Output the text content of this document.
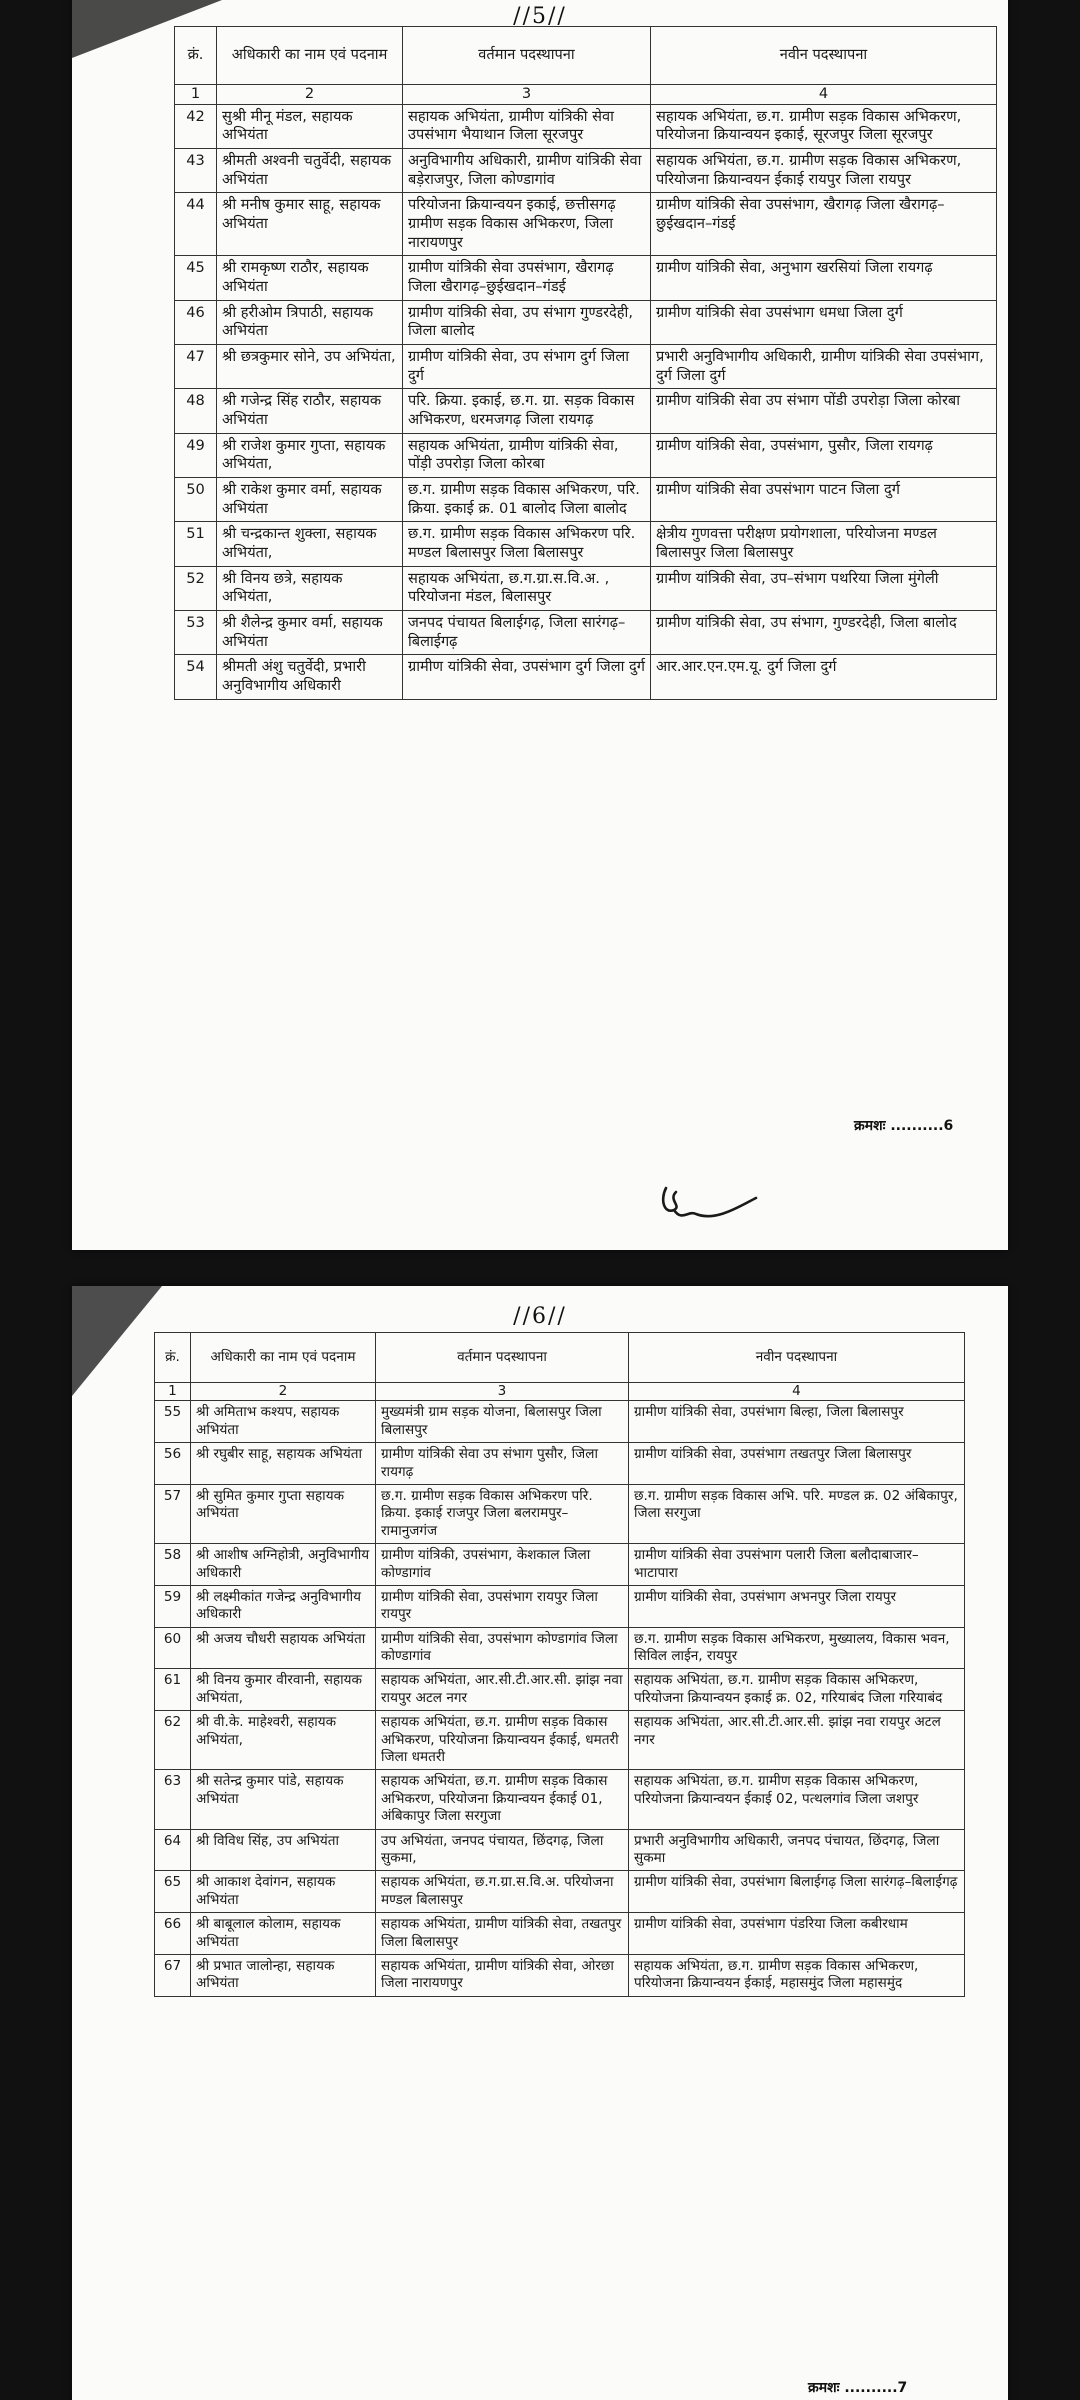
//5//
क्रं.	अधिकारी का नाम एवं पदनाम	वर्तमान पदस्थापना	नवीन पदस्थापना
1	2	3	4
42	सुश्री मीनू मंडल, सहायक अभियंता	सहायक अभियंता, ग्रामीण यांत्रिकी सेवा उपसंभाग भैयाथान जिला सूरजपुर	सहायक अभियंता, छ.ग. ग्रामीण सड़क विकास अभिकरण, परियोजना क्रियान्वयन इकाई, सूरजपुर जिला सूरजपुर
43	श्रीमती अश्वनी चतुर्वेदी, सहायक अभियंता	अनुविभागीय अधिकारी, ग्रामीण यांत्रिकी सेवा बड़ेराजपुर, जिला कोण्डागांव	सहायक अभियंता, छ.ग. ग्रामीण सड़क विकास अभिकरण, परियोजना क्रियान्वयन ईकाई रायपुर जिला रायपुर
44	श्री मनीष कुमार साहू, सहायक अभियंता	परियोजना क्रियान्वयन इकाई, छत्तीसगढ़ ग्रामीण सड़क विकास अभिकरण, जिला नारायणपुर	ग्रामीण यांत्रिकी सेवा उपसंभाग, खैरागढ़ जिला खैरागढ़–छुईखदान–गंडई
45	श्री रामकृष्ण राठौर, सहायक अभियंता	ग्रामीण यांत्रिकी सेवा उपसंभाग, खैरागढ़ जिला खैरागढ़–छुईखदान–गंडई	ग्रामीण यांत्रिकी सेवा, अनुभाग खरसियां जिला रायगढ़
46	श्री हरीओम त्रिपाठी, सहायक अभियंता	ग्रामीण यांत्रिकी सेवा, उप संभाग गुण्डरदेही, जिला बालोद	ग्रामीण यांत्रिकी सेवा उपसंभाग धमधा जिला दुर्ग
47	श्री छत्रकुमार सोने, उप अभियंता,	ग्रामीण यांत्रिकी सेवा, उप संभाग दुर्ग जिला दुर्ग	प्रभारी अनुविभागीय अधिकारी, ग्रामीण यांत्रिकी सेवा उपसंभाग, दुर्ग जिला दुर्ग
48	श्री गजेन्द्र सिंह राठौर, सहायक अभियंता	परि. क्रिया. इकाई, छ.ग. ग्रा. सड़क विकास अभिकरण, धरमजगढ़ जिला रायगढ़	ग्रामीण यांत्रिकी सेवा उप संभाग पोंडी उपरोड़ा जिला कोरबा
49	श्री राजेश कुमार गुप्ता, सहायक अभियंता,	सहायक अभियंता, ग्रामीण यांत्रिकी सेवा, पोंड़ी उपरोड़ा जिला कोरबा	ग्रामीण यांत्रिकी सेवा, उपसंभाग, पुसौर, जिला रायगढ़
50	श्री राकेश कुमार वर्मा, सहायक अभियंता	छ.ग. ग्रामीण सड़क विकास अभिकरण, परि. क्रिया. इकाई क्र. 01 बालोद जिला बालोद	ग्रामीण यांत्रिकी सेवा उपसंभाग पाटन जिला दुर्ग
51	श्री चन्द्रकान्त शुक्ला, सहायक अभियंता,	छ.ग. ग्रामीण सड़क विकास अभिकरण परि. मण्डल बिलासपुर जिला बिलासपुर	क्षेत्रीय गुणवत्ता परीक्षण प्रयोगशाला, परियोजना मण्डल बिलासपुर जिला बिलासपुर
52	श्री विनय छत्रे, सहायक अभियंता,	सहायक अभियंता, छ.ग.ग्रा.स.वि.अ. , परियोजना मंडल, बिलासपुर	ग्रामीण यांत्रिकी सेवा, उप–संभाग पथरिया जिला मुंगेली
53	श्री शैलेन्द्र कुमार वर्मा, सहायक अभियंता	जनपद पंचायत बिलाईगढ़, जिला सारंगढ़–बिलाईगढ़	ग्रामीण यांत्रिकी सेवा, उप संभाग, गुण्डरदेही, जिला बालोद
54	श्रीमती अंशु चतुर्वेदी, प्रभारी अनुविभागीय अधिकारी	ग्रामीण यांत्रिकी सेवा, उपसंभाग दुर्ग जिला दुर्ग	आर.आर.एन.एम.यू. दुर्ग जिला दुर्ग
क्रमशः ..........6
//6//
क्रं.	अधिकारी का नाम एवं पदनाम	वर्तमान पदस्थापना	नवीन पदस्थापना
1	2	3	4
55	श्री अमिताभ कश्यप, सहायक अभियंता	मुख्यमंत्री ग्राम सड़क योजना, बिलासपुर जिला बिलासपुर	ग्रामीण यांत्रिकी सेवा, उपसंभाग बिल्हा, जिला बिलासपुर
56	श्री रघुबीर साहू, सहायक अभियंता	ग्रामीण यांत्रिकी सेवा उप संभाग पुसौर, जिला रायगढ़	ग्रामीण यांत्रिकी सेवा, उपसंभाग तखतपुर जिला बिलासपुर
57	श्री सुमित कुमार गुप्ता सहायक अभियंता	छ.ग. ग्रामीण सड़क विकास अभिकरण परि. क्रिया. इकाई राजपुर जिला बलरामपुर–रामानुजगंज	छ.ग. ग्रामीण सड़क विकास अभि. परि. मण्डल क्र. 02 अंबिकापुर, जिला सरगुजा
58	श्री आशीष अग्निहोत्री, अनुविभागीय अधिकारी	ग्रामीण यांत्रिकी, उपसंभाग, केशकाल जिला कोण्डागांव	ग्रामीण यांत्रिकी सेवा उपसंभाग पलारी जिला बलौदाबाजार–भाटापारा
59	श्री लक्ष्मीकांत गजेन्द्र अनुविभागीय अधिकारी	ग्रामीण यांत्रिकी सेवा, उपसंभाग रायपुर जिला रायपुर	ग्रामीण यांत्रिकी सेवा, उपसंभाग अभनपुर जिला रायपुर
60	श्री अजय चौधरी सहायक अभियंता	ग्रामीण यांत्रिकी सेवा, उपसंभाग कोण्डागांव जिला कोण्डागांव	छ.ग. ग्रामीण सड़क विकास अभिकरण, मुख्यालय, विकास भवन, सिविल लाईन, रायपुर
61	श्री विनय कुमार वीरवानी, सहायक अभियंता,	सहायक अभियंता, आर.सी.टी.आर.सी. झांझ नवा रायपुर अटल नगर	सहायक अभियंता, छ.ग. ग्रामीण सड़क विकास अभिकरण, परियोजना क्रियान्वयन इकाई क्र. 02, गरियाबंद जिला गरियाबंद
62	श्री वी.के. माहेश्वरी, सहायक अभियंता,	सहायक अभियंता, छ.ग. ग्रामीण सड़क विकास अभिकरण, परियोजना क्रियान्वयन ईकाई, धमतरी जिला धमतरी	सहायक अभियंता, आर.सी.टी.आर.सी. झांझ नवा रायपुर अटल नगर
63	श्री सतेन्द्र कुमार पांडे, सहायक अभियंता	सहायक अभियंता, छ.ग. ग्रामीण सड़क विकास अभिकरण, परियोजना क्रियान्वयन ईकाई 01, अंबिकापुर जिला सरगुजा	सहायक अभियंता, छ.ग. ग्रामीण सड़क विकास अभिकरण, परियोजना क्रियान्वयन ईकाई 02, पत्थलगांव जिला जशपुर
64	श्री विविध सिंह, उप अभियंता	उप अभियंता, जनपद पंचायत, छिंदगढ़, जिला सुकमा,	प्रभारी अनुविभागीय अधिकारी, जनपद पंचायत, छिंदगढ़, जिला सुकमा
65	श्री आकाश देवांगन, सहायक अभियंता	सहायक अभियंता, छ.ग.ग्रा.स.वि.अ. परियोजना मण्डल बिलासपुर	ग्रामीण यांत्रिकी सेवा, उपसंभाग बिलाईगढ़ जिला सारंगढ़–बिलाईगढ़
66	श्री बाबूलाल कोलाम, सहायक अभियंता	सहायक अभियंता, ग्रामीण यांत्रिकी सेवा, तखतपुर जिला बिलासपुर	ग्रामीण यांत्रिकी सेवा, उपसंभाग पंडरिया जिला कबीरधाम
67	श्री प्रभात जालोन्हा, सहायक अभियंता	सहायक अभियंता, ग्रामीण यांत्रिकी सेवा, ओरछा जिला नारायणपुर	सहायक अभियंता, छ.ग. ग्रामीण सड़क विकास अभिकरण, परियोजना क्रियान्वयन ईकाई, महासमुंद जिला महासमुंद
क्रमशः ..........7
